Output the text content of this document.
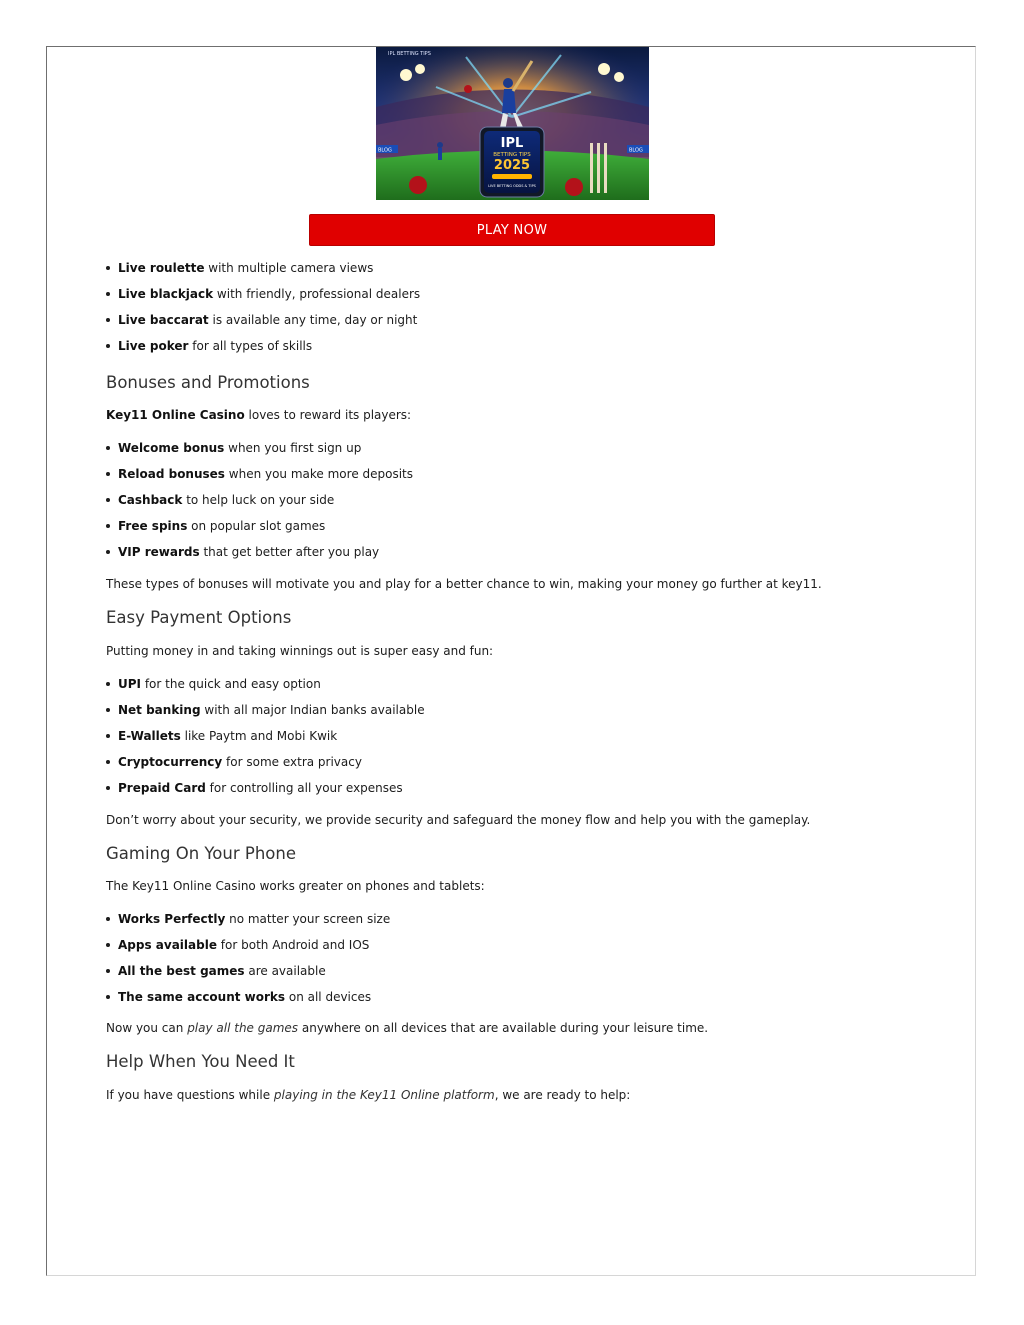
IPL
BETTING TIPS
2025
LIVE BETTING ODDS & TIPS
IPL BETTING TIPS
BLOG	BLOG
PLAY NOW
Live roulette with multiple camera views
Live blackjack with friendly, professional dealers
Live baccarat is available any time, day or night
Live poker for all types of skills
Bonuses and Promotions

Key11 Online Casino loves to reward its players:

Welcome bonus when you first sign up
Reload bonuses when you make more deposits
Cashback to help luck on your side
Free spins on popular slot games
VIP rewards that get better after you play

These types of bonuses will motivate you and play for a better chance to win, making your money go further at key11.

Easy Payment Options

Putting money in and taking winnings out is super easy and fun:

UPI for the quick and easy option
Net banking with all major Indian banks available
E-Wallets like Paytm and Mobi Kwik
Cryptocurrency for some extra privacy
Prepaid Card for controlling all your expenses

Don’t worry about your security, we provide security and safeguard the money flow and help you with the gameplay.

Gaming On Your Phone

The Key11 Online Casino works greater on phones and tablets:

Works Perfectly no matter your screen size
Apps available for both Android and IOS
All the best games are available
The same account works on all devices

Now you can play all the games anywhere on all devices that are available during your leisure time.

Help When You Need It

If you have questions while playing in the Key11 Online platform, we are ready to help:
